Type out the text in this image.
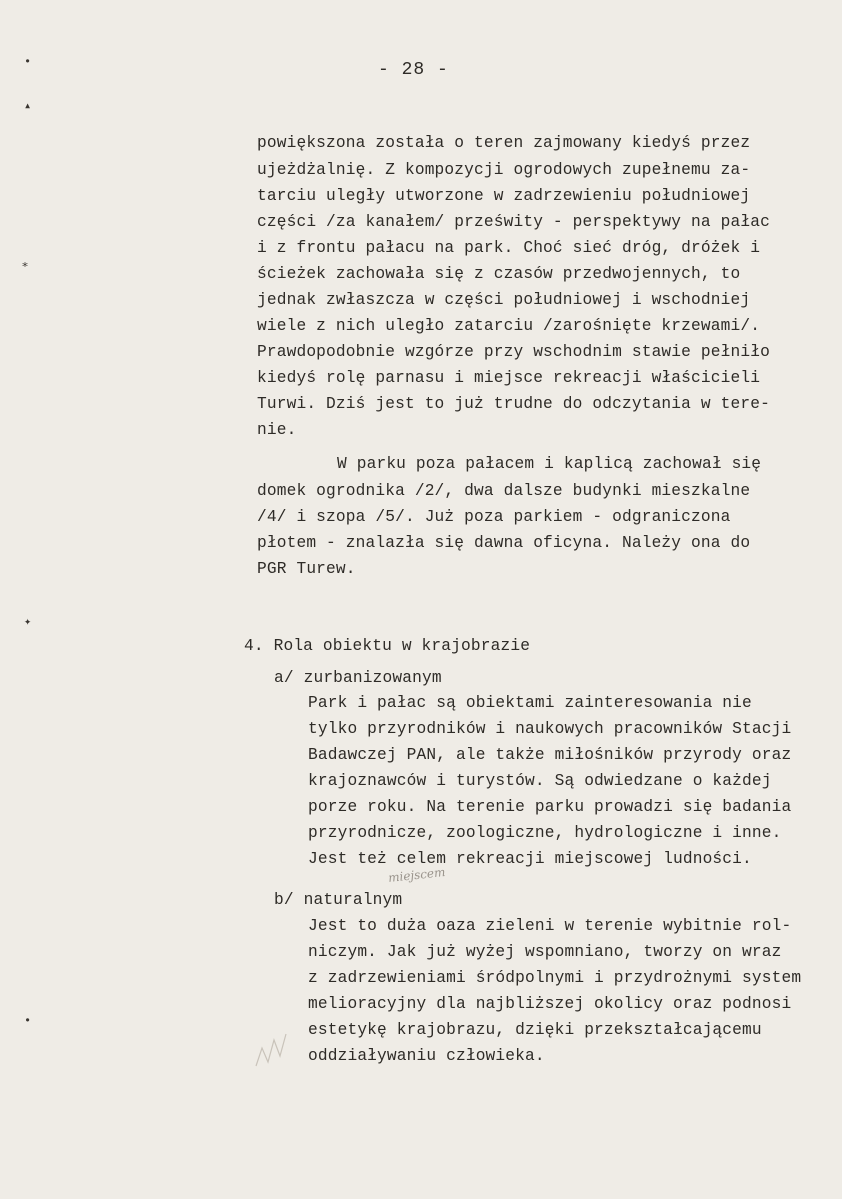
- 28 -
•
▴
⁎
✦
•
powiększona została o teren zajmowany kiedyś przez
ujeżdżalnię. Z kompozycji ogrodowych zupełnemu za-
tarciu uległy utworzone w zadrzewieniu południowej
części /za kanałem/ prześwity - perspektywy na pałac
i z frontu pałacu na park. Choć sieć dróg, dróżek i
ścieżek zachowała się z czasów przedwojennych, to
jednak zwłaszcza w części południowej i wschodniej
wiele z nich uległo zatarciu /zarośnięte krzewami/.
Prawdopodobnie wzgórze przy wschodnim stawie pełniło
kiedyś rolę parnasu i miejsce rekreacji właścicieli
Turwi. Dziś jest to już trudne do odczytania w tere-
nie.
W parku poza pałacem i kaplicą zachował się
domek ogrodnika /2/, dwa dalsze budynki mieszkalne
/4/ i szopa /5/. Już poza parkiem - odgraniczona
płotem - znalazła się dawna oficyna. Należy ona do
PGR Turew.
4. Rola obiektu w krajobrazie
a/ zurbanizowanym
Park i pałac są obiektami zainteresowania nie
tylko przyrodników i naukowych pracowników Stacji
Badawczej PAN, ale także miłośników przyrody oraz
krajoznawców i turystów. Są odwiedzane o każdej
porze roku. Na terenie parku prowadzi się badania
przyrodnicze, zoologiczne, hydrologiczne i inne.
Jest też celem rekreacji miejscowej ludności.
miejscem
b/ naturalnym
Jest to duża oaza zieleni w terenie wybitnie rol-
niczym. Jak już wyżej wspomniano, tworzy on wraz
z zadrzewieniami śródpolnymi i przydrożnymi system
melioracyjny dla najbliższej okolicy oraz podnosi
estetykę krajobrazu, dzięki przekształcającemu
oddziaływaniu człowieka.
